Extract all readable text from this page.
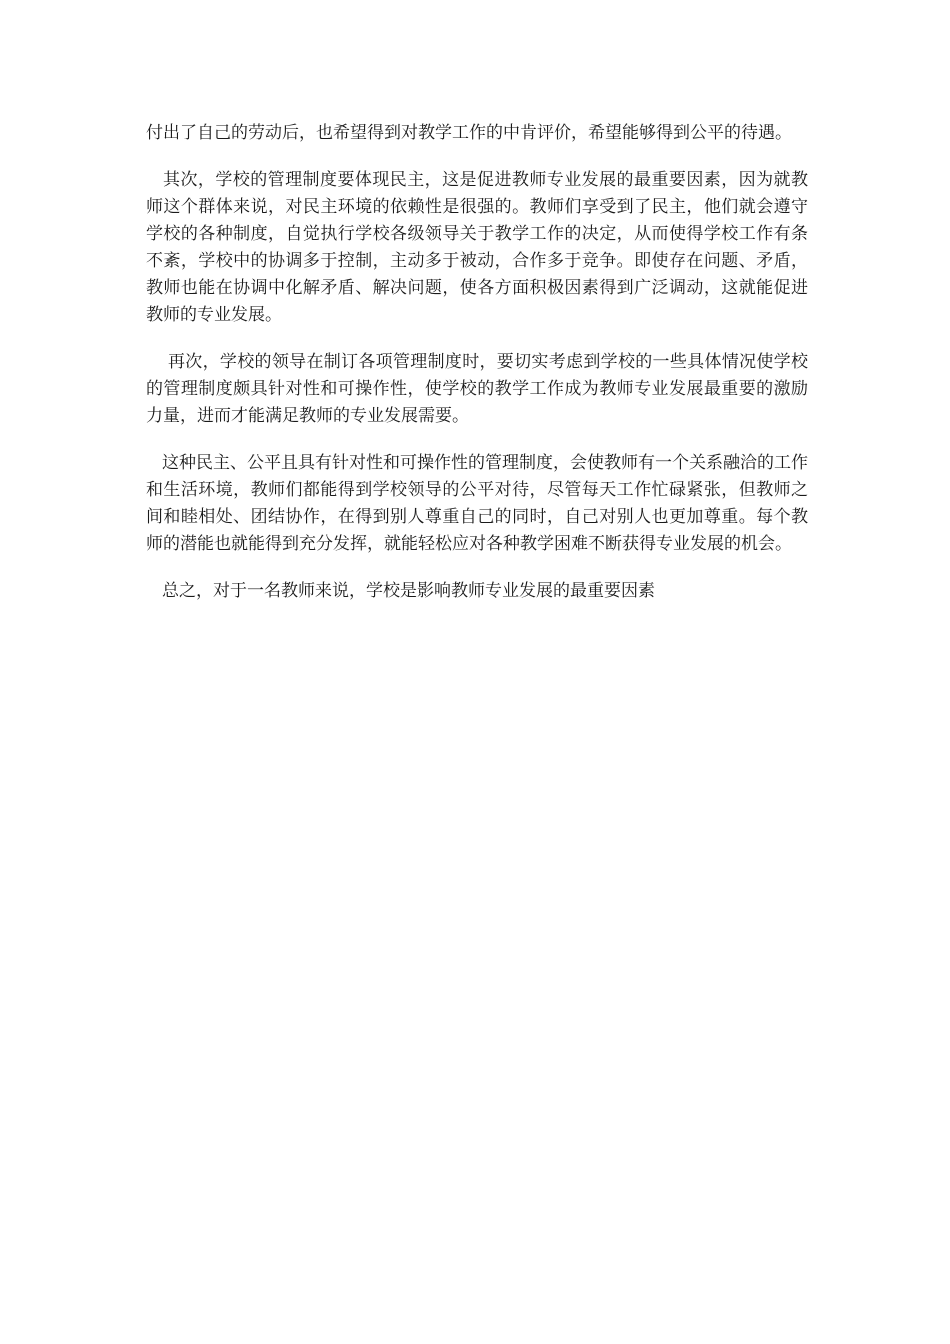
付出了自己的劳动后，也希望得到对教学工作的中肯评价，希望能够得到公平的待遇。

其次，学校的管理制度要体现民主，这是促进教师专业发展的最重要因素，因为就教师这个群体来说，对民主环境的依赖性是很强的。教师们享受到了民主，他们就会遵守学校的各种制度，自觉执行学校各级领导关于教学工作的决定，从而使得学校工作有条不紊，学校中的协调多于控制，主动多于被动，合作多于竞争。即使存在问题、矛盾，教师也能在协调中化解矛盾、解决问题，使各方面积极因素得到广泛调动，这就能促进教师的专业发展。

再次，学校的领导在制订各项管理制度时，要切实考虑到学校的一些具体情况使学校的管理制度颇具针对性和可操作性，使学校的教学工作成为教师专业发展最重要的激励力量，进而才能满足教师的专业发展需要。

这种民主、公平且具有针对性和可操作性的管理制度，会使教师有一个关系融洽的工作和生活环境，教师们都能得到学校领导的公平对待，尽管每天工作忙碌紧张，但教师之间和睦相处、团结协作，在得到别人尊重自己的同时，自己对别人也更加尊重。每个教师的潜能也就能得到充分发挥，就能轻松应对各种教学困难不断获得专业发展的机会。

总之，对于一名教师来说，学校是影响教师专业发展的最重要因素
